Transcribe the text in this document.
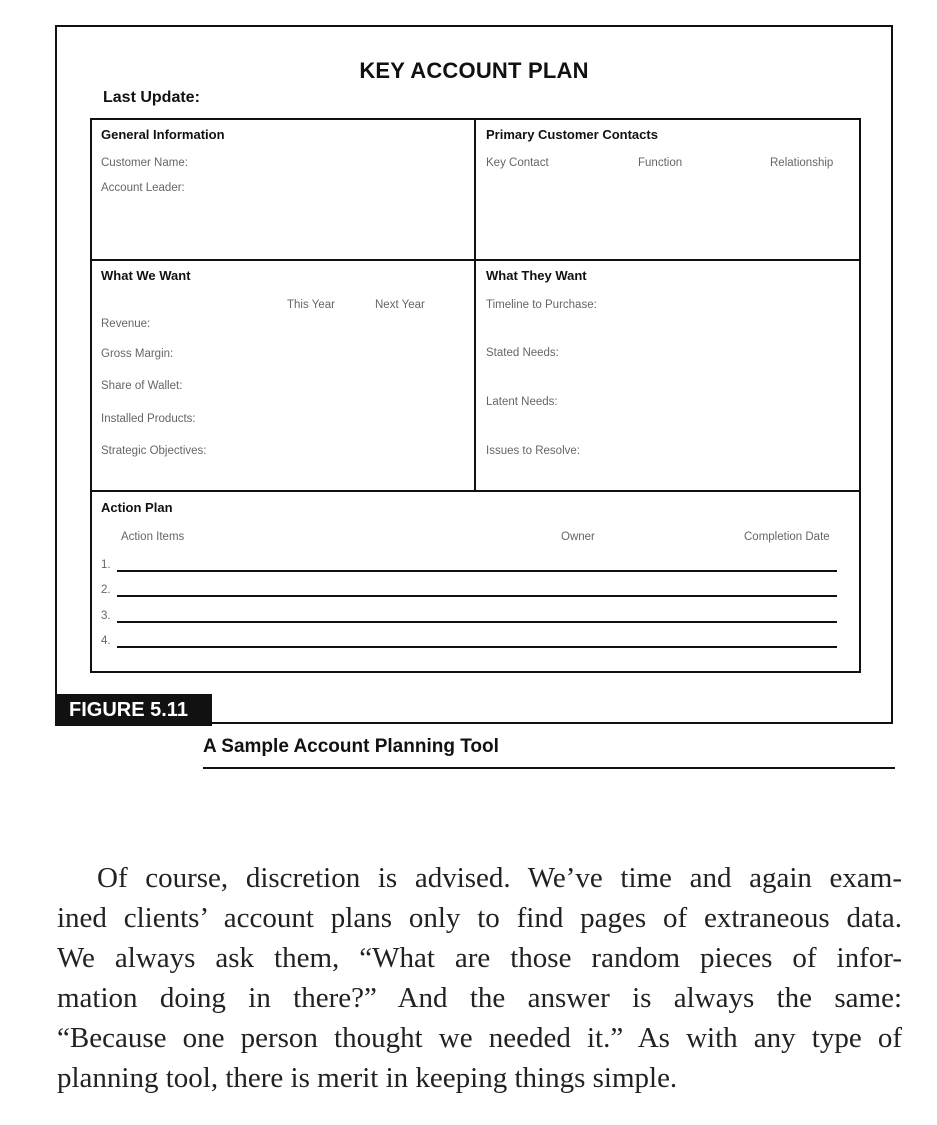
KEY ACCOUNT PLAN
Last Update:
General Information
Customer Name:
Account Leader:
Primary Customer Contacts
Key Contact	Function	Relationship
What We Want
This Year	Next Year
Revenue:
Gross Margin:
Share of Wallet:
Installed Products:
Strategic Objectives:
What They Want
Timeline to Purchase:
Stated Needs:
Latent Needs:
Issues to Resolve:
Action Plan
Action Items	Owner	Completion Date
1.
2.
3.
4.
FIGURE 5.11
A Sample Account Planning Tool
Of course, discretion is advised. We’ve time and again exam-
ined clients’ account plans only to find pages of extraneous data.
We always ask them, “What are those random pieces of infor-
mation doing in there?” And the answer is always the same:
“Because one person thought we needed it.” As with any type of
planning tool, there is merit in keeping things simple.
